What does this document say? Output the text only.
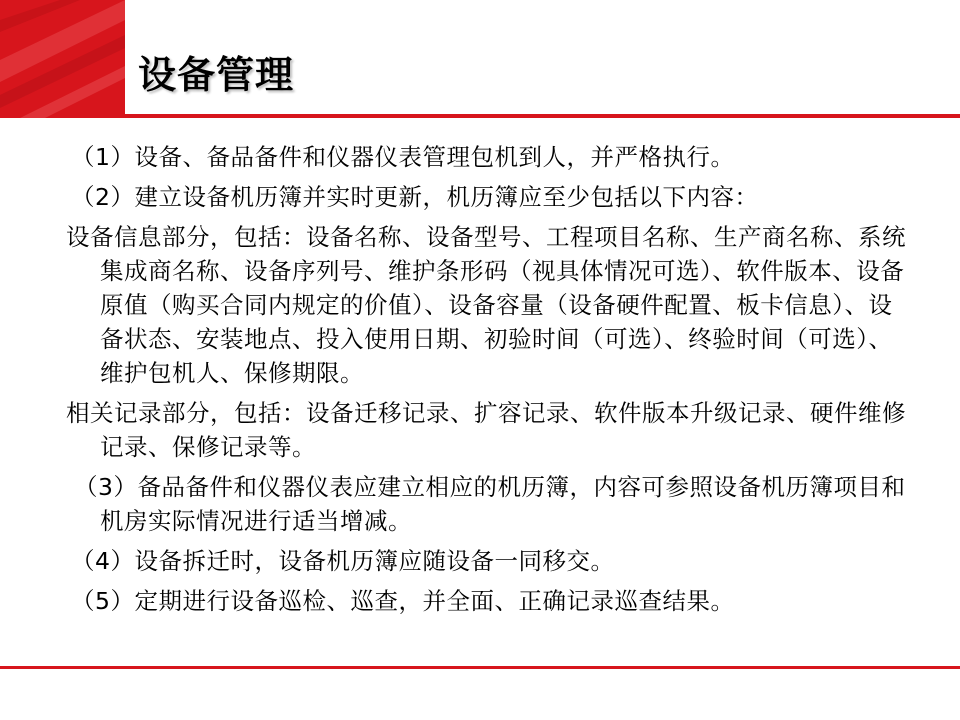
设备管理

（1）设备、备品备件和仪器仪表管理包机到人，并严格执行。

（2）建立设备机历簿并实时更新，机历簿应至少包括以下内容：

设备信息部分，包括：设备名称、设备型号、工程项目名称、生产商名称、系统集成商名称、设备序列号、维护条形码（视具体情况可选）、软件版本、设备原值（购买合同内规定的价值）、设备容量（设备硬件配置、板卡信息）、设备状态、安装地点、投入使用日期、初验时间（可选）、终验时间（可选）、维护包机人、保修期限。

相关记录部分，包括：设备迁移记录、扩容记录、软件版本升级记录、硬件维修记录、保修记录等。

（3）备品备件和仪器仪表应建立相应的机历簿，内容可参照设备机历簿项目和机房实际情况进行适当增减。

（4）设备拆迁时，设备机历簿应随设备一同移交。

（5）定期进行设备巡检、巡查，并全面、正确记录巡查结果。
